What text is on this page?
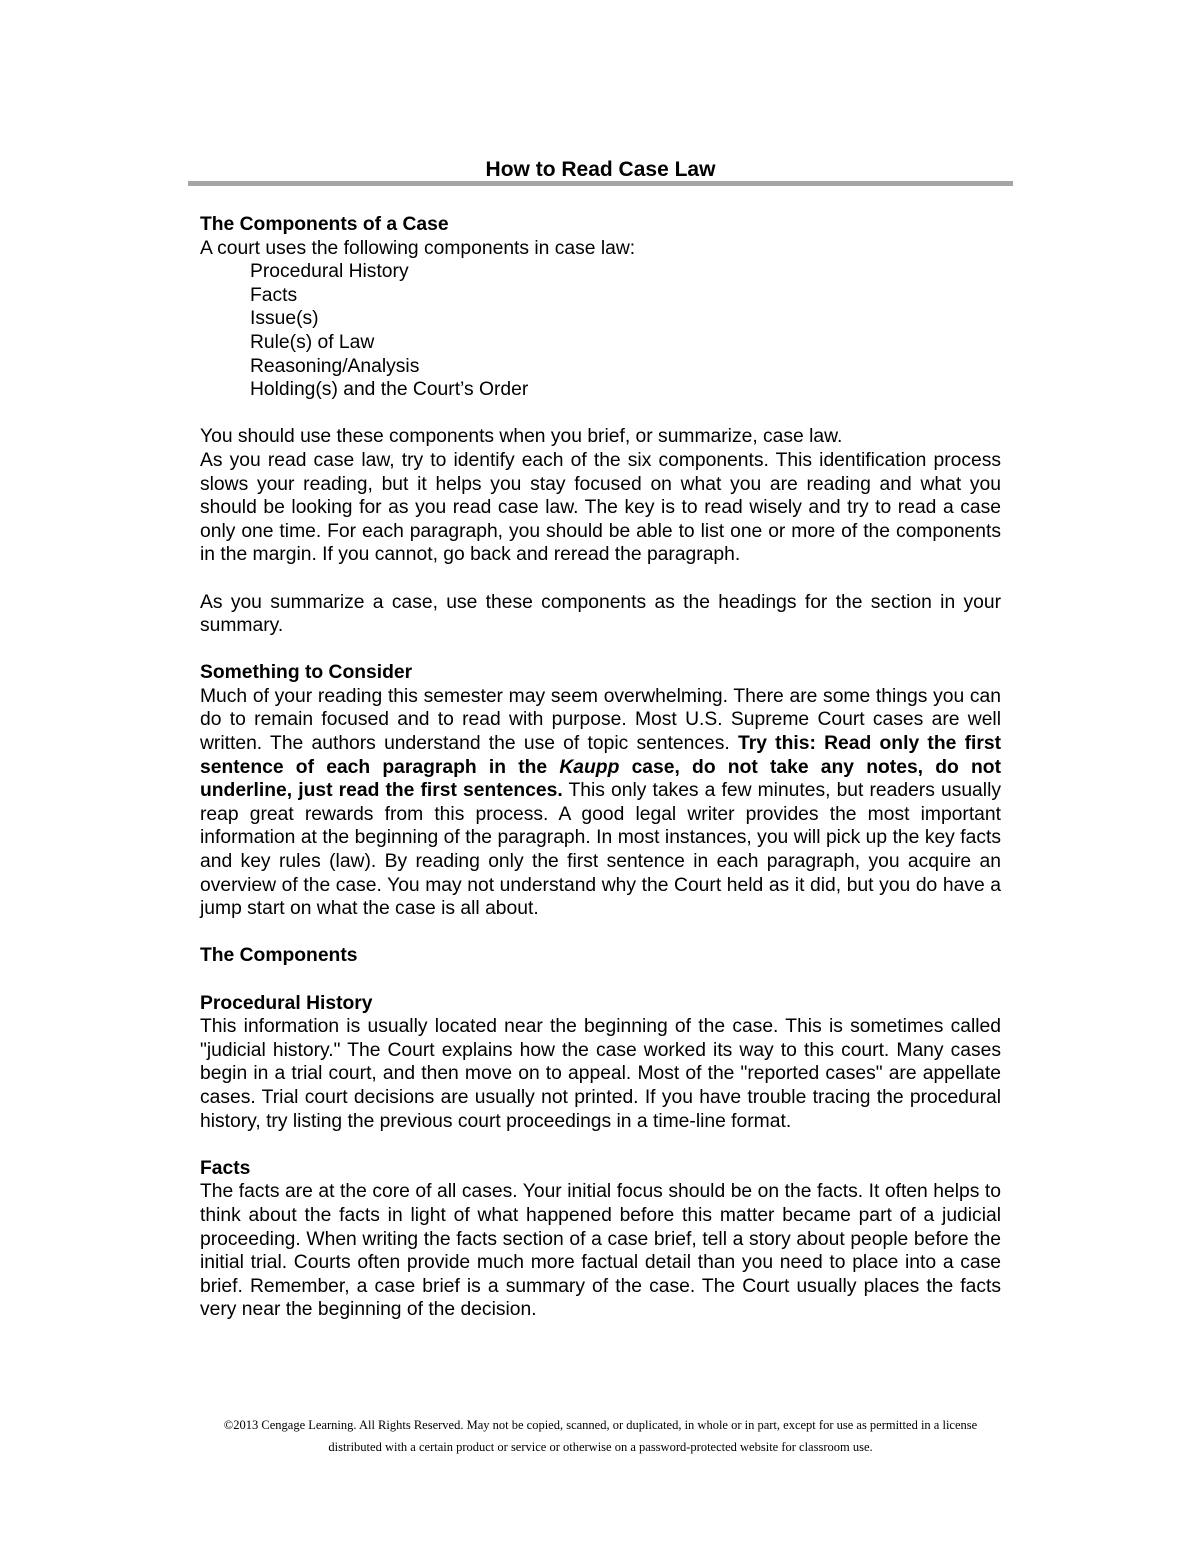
How to Read Case Law

The Components of a Case

A court uses the following components in case law:

Procedural History

Facts

Issue(s)

Rule(s) of Law

Reasoning/Analysis

Holding(s) and the Court’s Order

You should use these components when you brief, or summarize, case law.

As you read case law, try to identify each of the six components. This identification process slows your reading, but it helps you stay focused on what you are reading and what you should be looking for as you read case law. The key is to read wisely and try to read a case only one time. For each paragraph, you should be able to list one or more of the components in the margin. If you cannot, go back and reread the paragraph.

As you summarize a case, use these components as the headings for the section in your summary.

Something to Consider

Much of your reading this semester may seem overwhelming. There are some things you can do to remain focused and to read with purpose. Most U.S. Supreme Court cases are well written. The authors understand the use of topic sentences. Try this: Read only the first sentence of each paragraph in the Kaupp case, do not take any notes, do not underline, just read the first sentences. This only takes a few minutes, but readers usually reap great rewards from this process. A good legal writer provides the most important information at the beginning of the paragraph. In most instances, you will pick up the key facts and key rules (law). By reading only the first sentence in each paragraph, you acquire an overview of the case. You may not understand why the Court held as it did, but you do have a jump start on what the case is all about.

The Components

Procedural History

This information is usually located near the beginning of the case. This is sometimes called "judicial history." The Court explains how the case worked its way to this court. Many cases begin in a trial court, and then move on to appeal. Most of the "reported cases" are appellate cases. Trial court decisions are usually not printed. If you have trouble tracing the procedural history, try listing the previous court proceedings in a time-line format.

Facts

The facts are at the core of all cases. Your initial focus should be on the facts. It often helps to think about the facts in light of what happened before this matter became part of a judicial proceeding. When writing the facts section of a case brief, tell a story about people before the initial trial. Courts often provide much more factual detail than you need to place into a case brief. Remember, a case brief is a summary of the case. The Court usually places the facts very near the beginning of the decision.

©2013 Cengage Learning. All Rights Reserved. May not be copied, scanned, or duplicated, in whole or in part, except for use as permitted in a license
distributed with a certain product or service or otherwise on a password-protected website for classroom use.
